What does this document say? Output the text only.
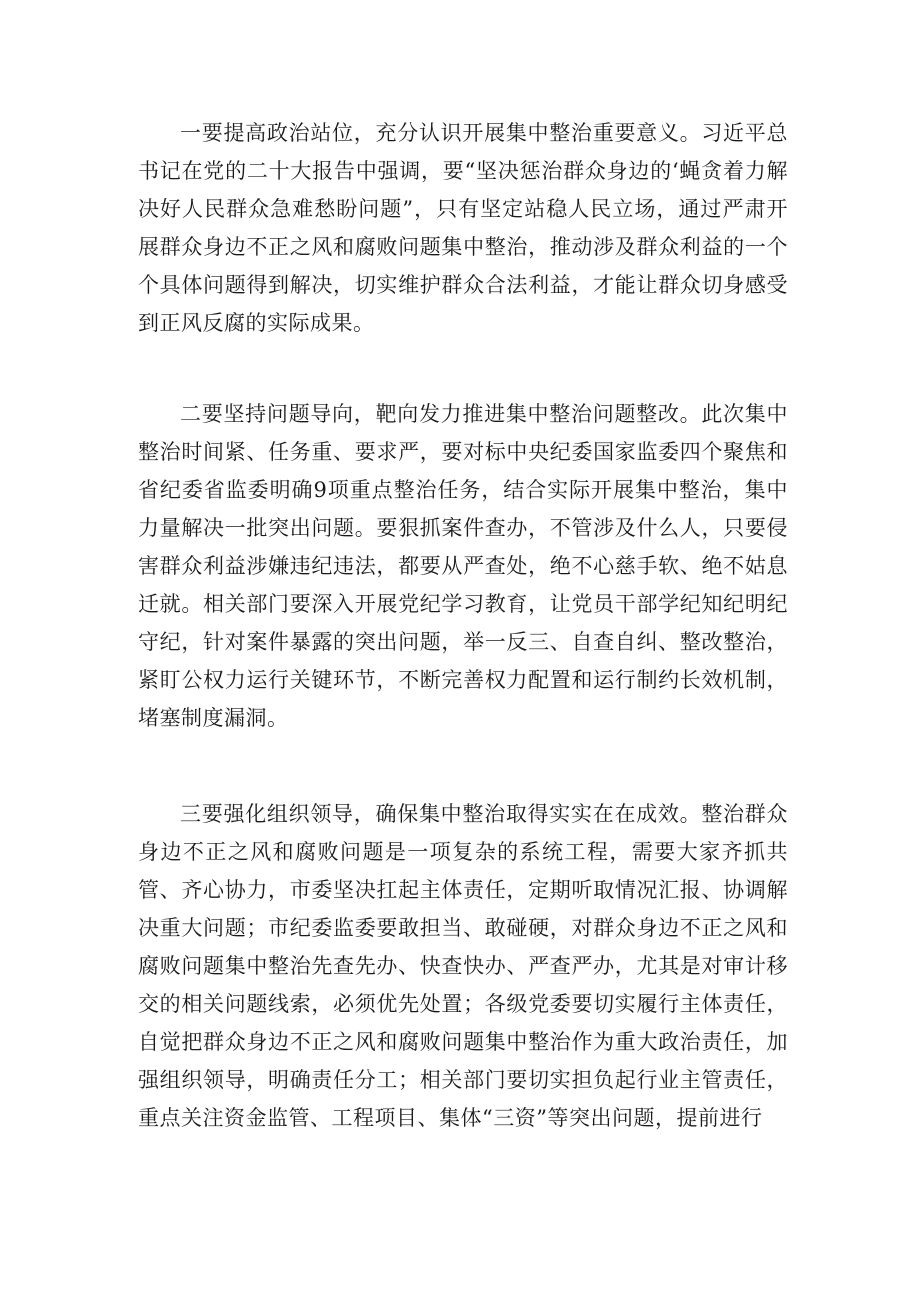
一要提高政治站位，充分认识开展集中整治重要意义。习近平总书记在党的二十大报告中强调，要“坚决惩治群众身边的‘蝇贪着力解决好人民群众急难愁盼问题”，只有坚定站稳人民立场，通过严肃开展群众身边不正之风和腐败问题集中整治，推动涉及群众利益的一个个具体问题得到解决，切实维护群众合法利益，才能让群众切身感受到正风反腐的实际成果。

二要坚持问题导向，靶向发力推进集中整治问题整改。此次集中整治时间紧、任务重、要求严，要对标中央纪委国家监委四个聚焦和省纪委省监委明确9项重点整治任务，结合实际开展集中整治，集中力量解决一批突出问题。要狠抓案件查办，不管涉及什么人，只要侵害群众利益涉嫌违纪违法，都要从严查处，绝不心慈手软、绝不姑息迁就。相关部门要深入开展党纪学习教育，让党员干部学纪知纪明纪守纪，针对案件暴露的突出问题，举一反三、自查自纠、整改整治，紧盯公权力运行关键环节，不断完善权力配置和运行制约长效机制，堵塞制度漏洞。

三要强化组织领导，确保集中整治取得实实在在成效。整治群众身边不正之风和腐败问题是一项复杂的系统工程，需要大家齐抓共管、齐心协力，市委坚决扛起主体责任，定期听取情况汇报、协调解决重大问题；市纪委监委要敢担当、敢碰硬，对群众身边不正之风和腐败问题集中整治先查先办、快查快办、严查严办，尤其是对审计移交的相关问题线索，必须优先处置；各级党委要切实履行主体责任，自觉把群众身边不正之风和腐败问题集中整治作为重大政治责任，加强组织领导，明确责任分工；相关部门要切实担负起行业主管责任，重点关注资金监管、工程项目、集体“三资”等突出问题，提前进行
